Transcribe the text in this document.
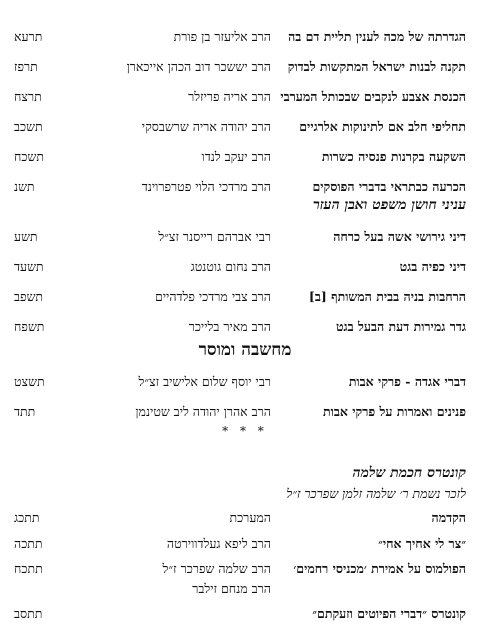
הגדרתה של מכה לענין תליית דם בה
הרב אליעזר בן פורת
תרעא
תקנה לבנות ישראל המתקשות לבדוק
הרב יששכר דוב הכהן אייכארן
תרפז
הכנסת אצבע לנקבים שבכותל המערבי
הרב אריה פריזלר
תרצח
תחליפי חלב אם לתינוקות אלרגיים
הרב יהודה אריה שרשבסקי
תשכב
השקעה בקרנות פנסיה כשרות
הרב יעקב לנדו
תשכח
הכרעה כבתראי בדברי הפוסקים
הרב מרדכי הלוי פטרפרוינד
תשנ
עניני חושן משפט ואבן העזר
דיני גירושי אשה בעל כרחה
רבי אברהם רייסנר זצ״ל
תשע
דיני כפיה בגט
הרב נחום גוטנטג
תשעד
הרחבות בניה בבית המשותף [ב]
הרב צבי מרדכי פלדהיים
תשפב
גדר גמירות דעת הבעל בגט
הרב מאיר בלייכר
תשפח
מחשבה ומוסר
דברי אגדה - פרקי אבות
רבי יוסף שלום אלישיב זצ״ל
תשצט
פנינים ואמרות על פרקי אבות
הרב אהרן יהודה ליב שטינמן
תתד
* * *
קונטרס חכמת שלמה
לזכר נשמת ר׳ שלמה זלמן שפרכר ז״ל
הקדמה
המערכת
תתכג
״צר לי אחיך אחי״
הרב ליפא געלדווירטה
תתכה
הפולמוס על אמירת ׳מכניסי רחמים׳
הרב שלמה שפרכר ז״ל
תתכח
הרב מנחם זילבר
קונטרס ״דברי הפיוטים וזעקתם״
תתסב
